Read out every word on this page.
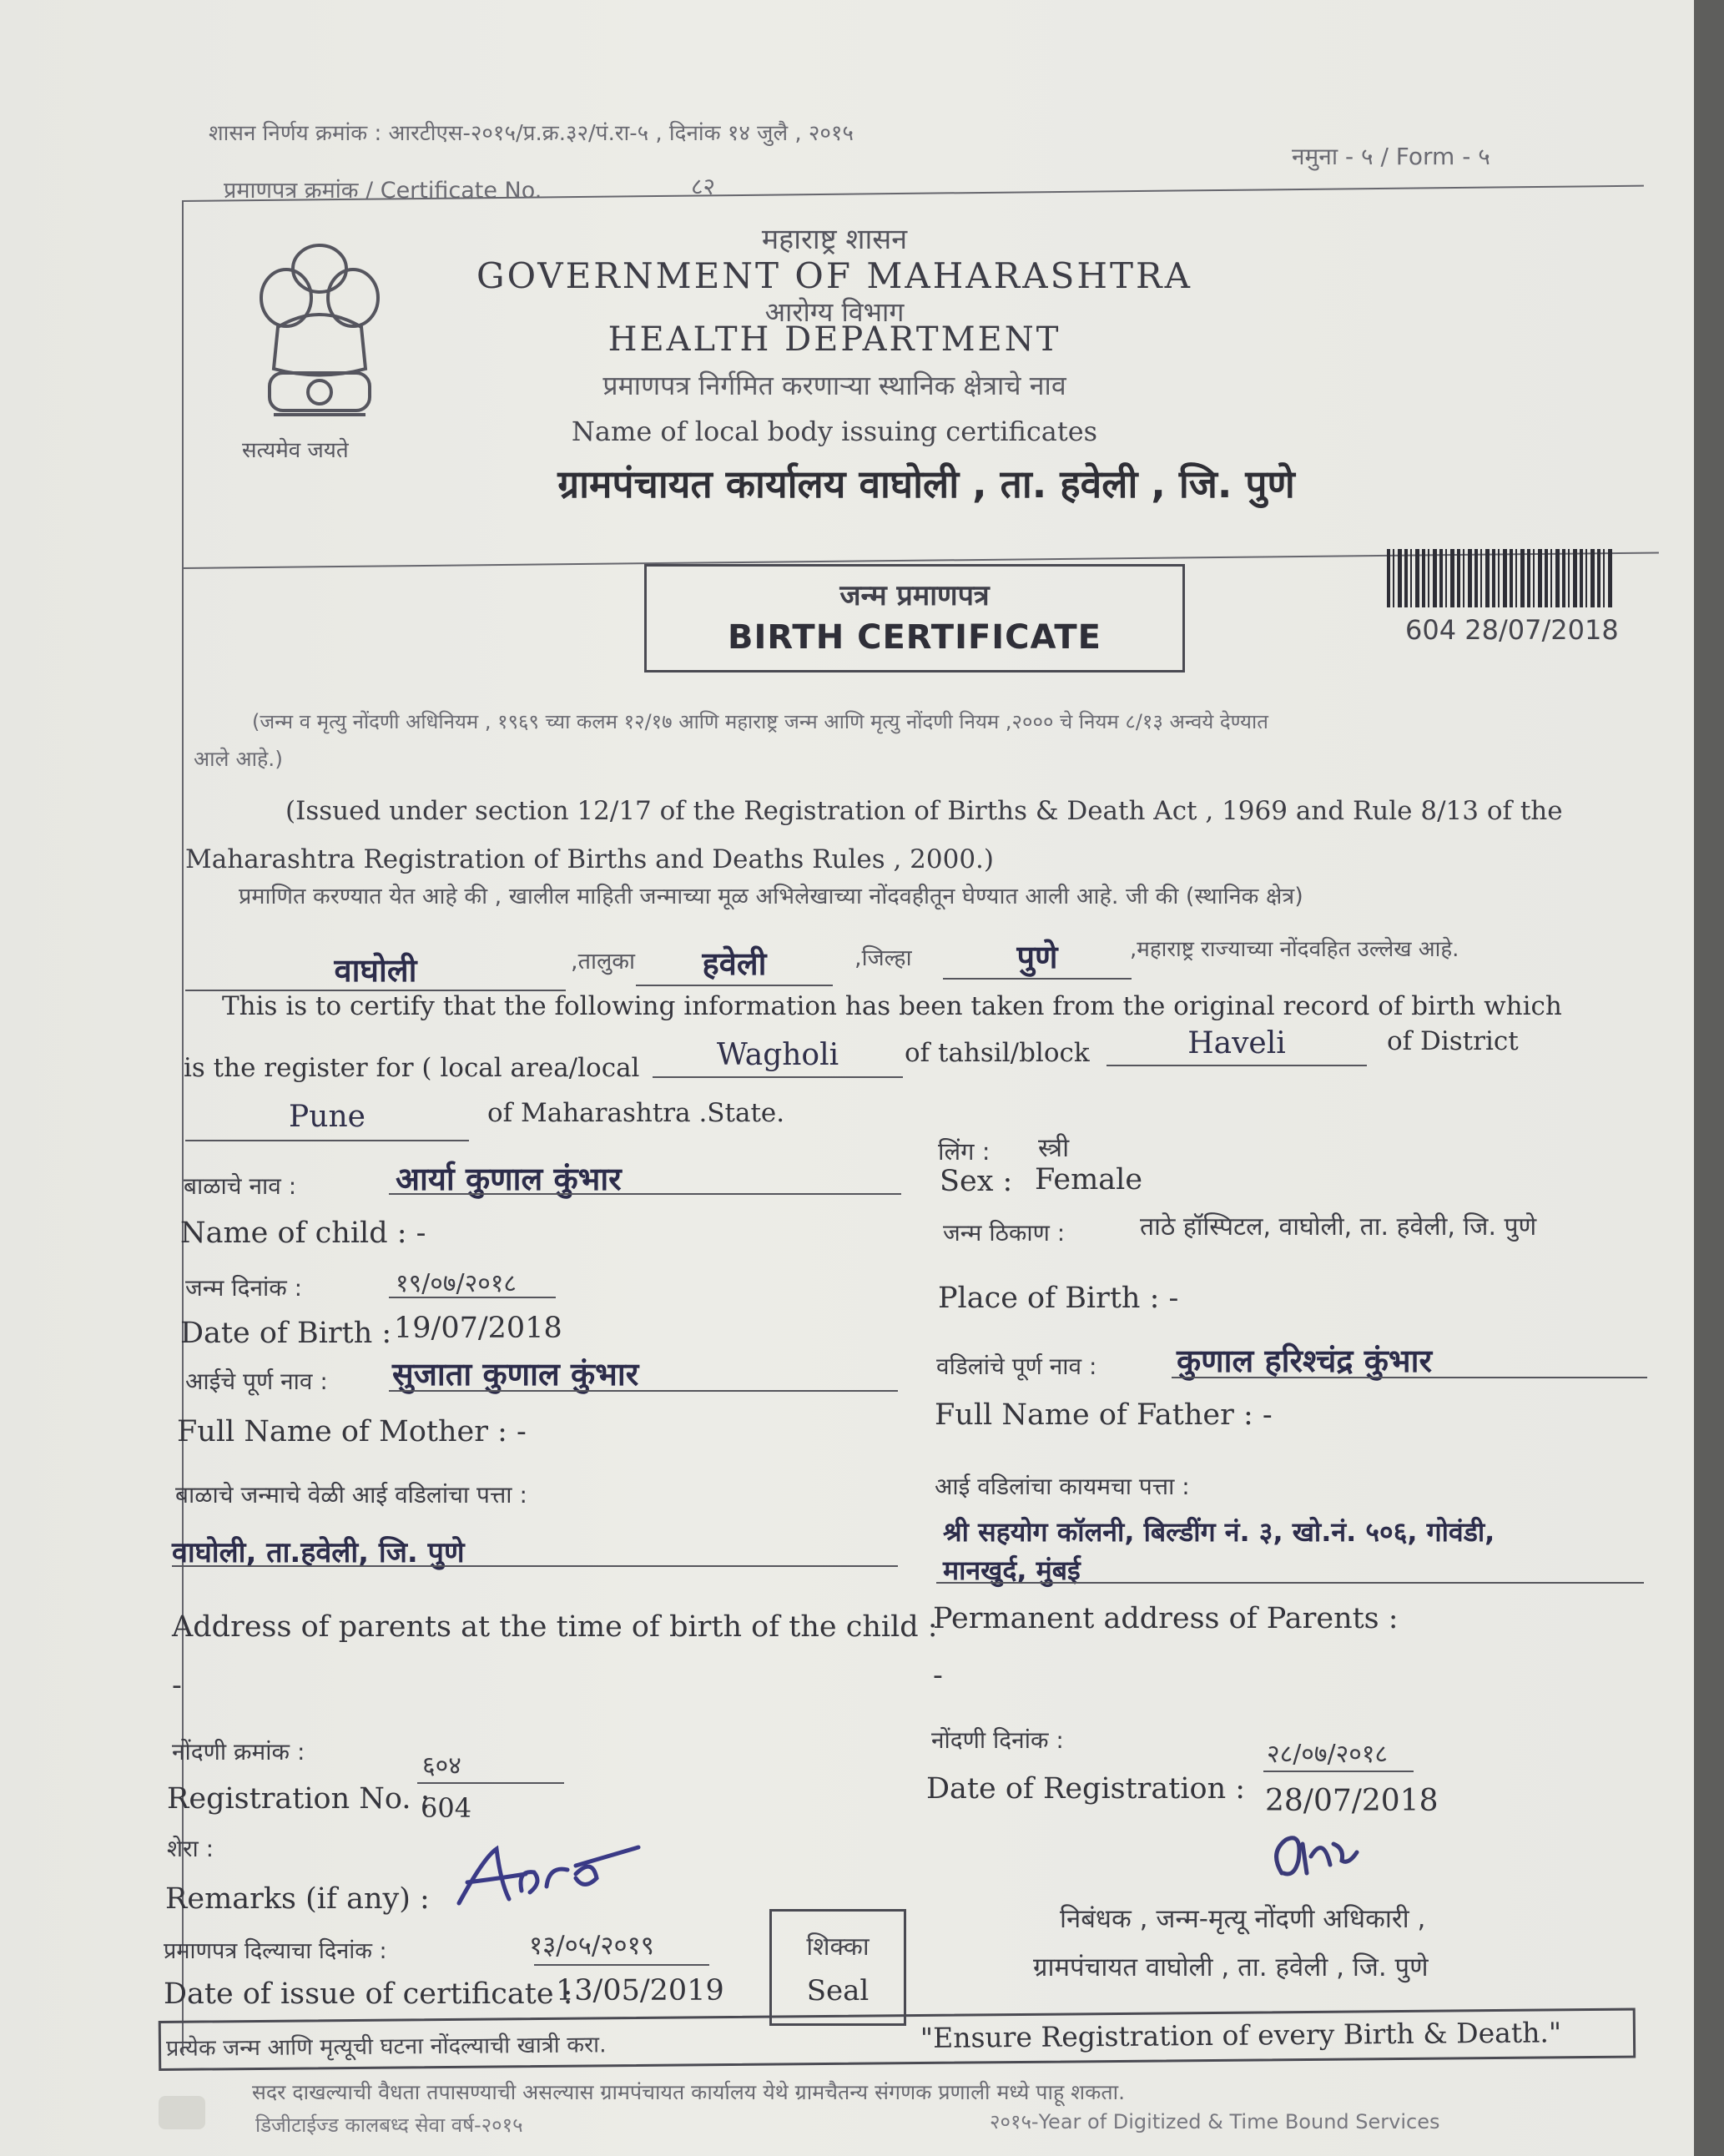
शासन निर्णय क्रमांक : आरटीएस-२०१५/प्र.क्र.३२/पं.रा-५ , दिनांक १४ जुलै , २०१५
नमुना - ५ / Form - ५
प्रमाणपत्र क्रमांक / Certificate No.	८२
सत्यमेव जयते
महाराष्ट्र शासन
GOVERNMENT OF MAHARASHTRA
आरोग्य विभाग
HEALTH DEPARTMENT
प्रमाणपत्र निर्गमित करणाऱ्या स्थानिक क्षेत्राचे नाव
Name of local body issuing certificates
ग्रामपंचायत कार्यालय वाघोली , ता. हवेली , जि. पुणे
जन्म प्रमाणपत्र
BIRTH CERTIFICATE	604 28/07/2018
(जन्म व मृत्यु नोंदणी अधिनियम , १९६९ च्या कलम १२/१७ आणि महाराष्ट्र जन्म आणि मृत्यु नोंदणी नियम ,२००० चे नियम ८/१३ अन्वये देण्यात
आले आहे.)
(Issued under section 12/17 of the Registration of Births & Death Act , 1969 and Rule 8/13 of the
Maharashtra Registration of Births and Deaths Rules , 2000.)
प्रमाणित करण्यात येत आहे की , खालील माहिती जन्माच्या मूळ अभिलेखाच्या नोंदवहीतून घेण्यात आली आहे. जी की (स्थानिक क्षेत्र)
वाघोली	,तालुका	हवेली	,जिल्हा	पुणे	,महाराष्ट्र राज्याच्या नोंदवहित उल्लेख आहे.
This is to certify that the following information has been taken from the original record of birth which
is the register for ( local area/local	Wagholi	of tahsil/block	Haveli	of District
Pune	of Maharashtra .State.
बाळाचे नाव :	आर्या कुणाल कुंभार
Name of child : -
लिंग : स्त्री
Sex : Female
जन्म दिनांक :	१९/०७/२०१८
Date of Birth : 19/07/2018
जन्म ठिकाण :	ताठे हॉस्पिटल, वाघोली, ता. हवेली, जि. पुणे
Place of Birth : -
आईचे पूर्ण नाव : सुजाता कुणाल कुंभार
Full Name of Mother : -
वडिलांचे पूर्ण नाव :	कुणाल हरिश्चंद्र कुंभार
Full Name of Father : -
बाळाचे जन्माचे वेळी आई वडिलांचा पत्ता :
वाघोली, ता.हवेली, जि. पुणे
Address of parents at the time of birth of the child :
-
आई वडिलांचा कायमचा पत्ता :
श्री सहयोग कॉलनी, बिल्डींग नं. ३, खो.नं. ५०६, गोवंडी,
मानखुर्द, मुंबई
Permanent address of Parents :
-
नोंदणी क्रमांक :	६०४
Registration No. :
604
नोंदणी दिनांक :	२८/०७/२०१८
Date of Registration : 28/07/2018
शेरा :
Remarks (if any) :
प्रमाणपत्र दिल्याचा दिनांक :	१३/०५/२०१९
Date of issue of certificate :
13/05/2019
शिक्का
Seal
निबंधक , जन्म-मृत्यू नोंदणी अधिकारी ,
ग्रामपंचायत वाघोली , ता. हवेली , जि. पुणे
प्रत्येक जन्म आणि मृत्यूची घटना नोंदल्याची खात्री करा.	"Ensure Registration of every Birth & Death."
सदर दाखल्याची वैधता तपासण्याची असल्यास ग्रामपंचायत कार्यालय येथे ग्रामचैतन्य संगणक प्रणाली मध्ये पाहू शकता.
डिजीटाईज्ड कालबध्द सेवा वर्ष-२०१५	२०१५-Year of Digitized & Time Bound Services
